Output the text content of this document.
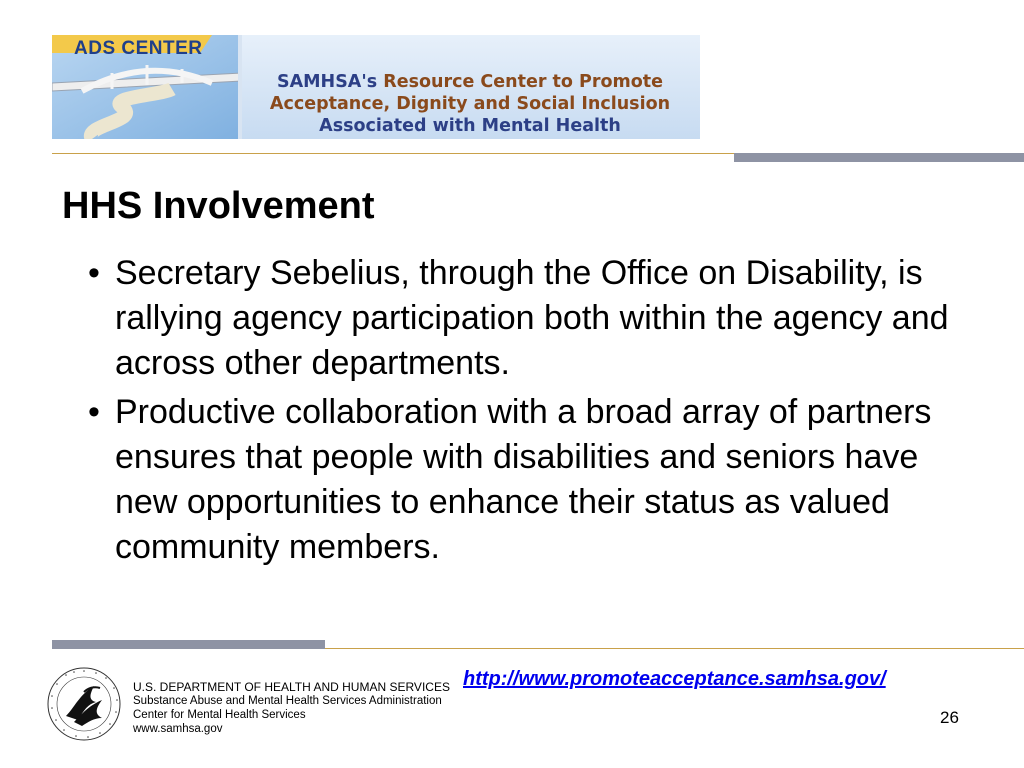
ADS CENTER
SAMHSA's Resource Center to Promote
Acceptance, Dignity and Social Inclusion
Associated with Mental Health
HHS Involvement
• Secretary Sebelius, through the Office on Disability, is rallying agency participation both within the agency and across other departments.
• Productive collaboration with a broad array of partners ensures that people with disabilities and seniors have new opportunities to enhance their status as valued community members.
U.S. DEPARTMENT OF HEALTH AND HUMAN SERVICES
Substance Abuse and Mental Health Services Administration
Center for Mental Health Services
www.samhsa.gov
http://www.promoteacceptance.samhsa.gov/
26
